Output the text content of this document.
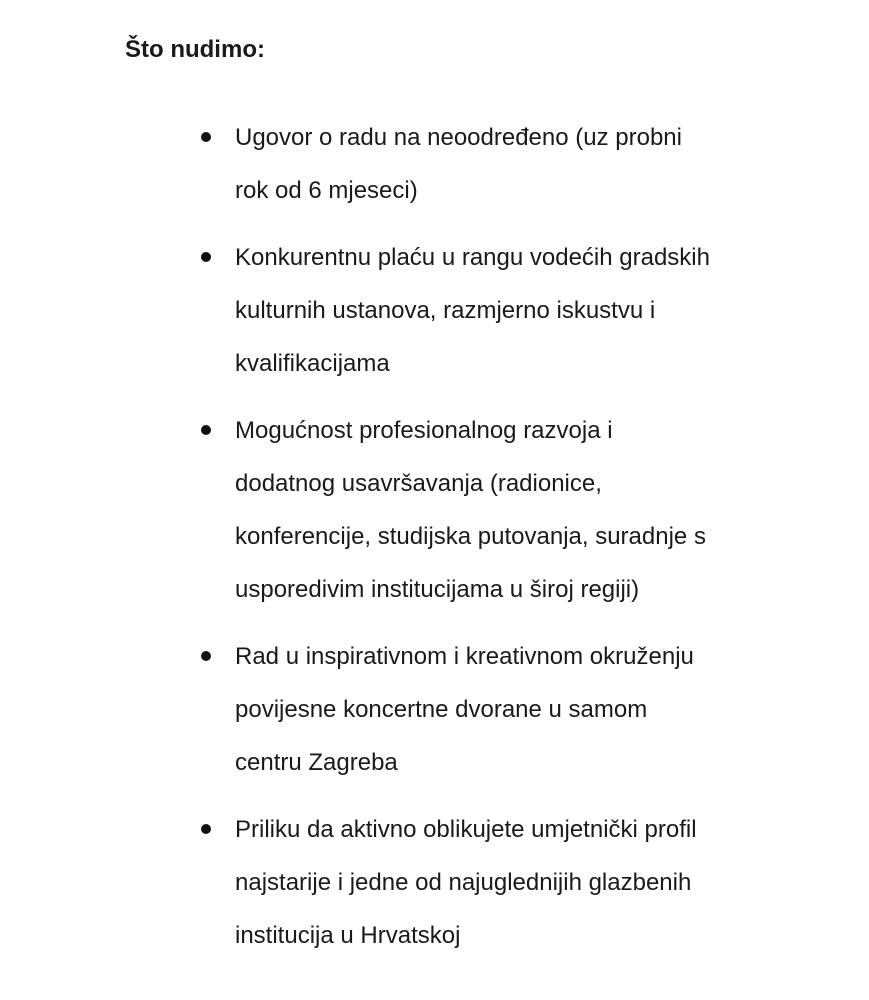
Što nudimo:
Ugovor o radu na neoodređeno (uz probni
rok od 6 mjeseci)
Konkurentnu plaću u rangu vodećih gradskih
kulturnih ustanova, razmjerno iskustvu i
kvalifikacijama
Mogućnost profesionalnog razvoja i
dodatnog usavršavanja (radionice,
konferencije, studijska putovanja, suradnje s
usporedivim institucijama u široj regiji)
Rad u inspirativnom i kreativnom okruženju
povijesne koncertne dvorane u samom
centru Zagreba
Priliku da aktivno oblikujete umjetnički profil
najstarije i jedne od najuglednijih glazbenih
institucija u Hrvatskoj
